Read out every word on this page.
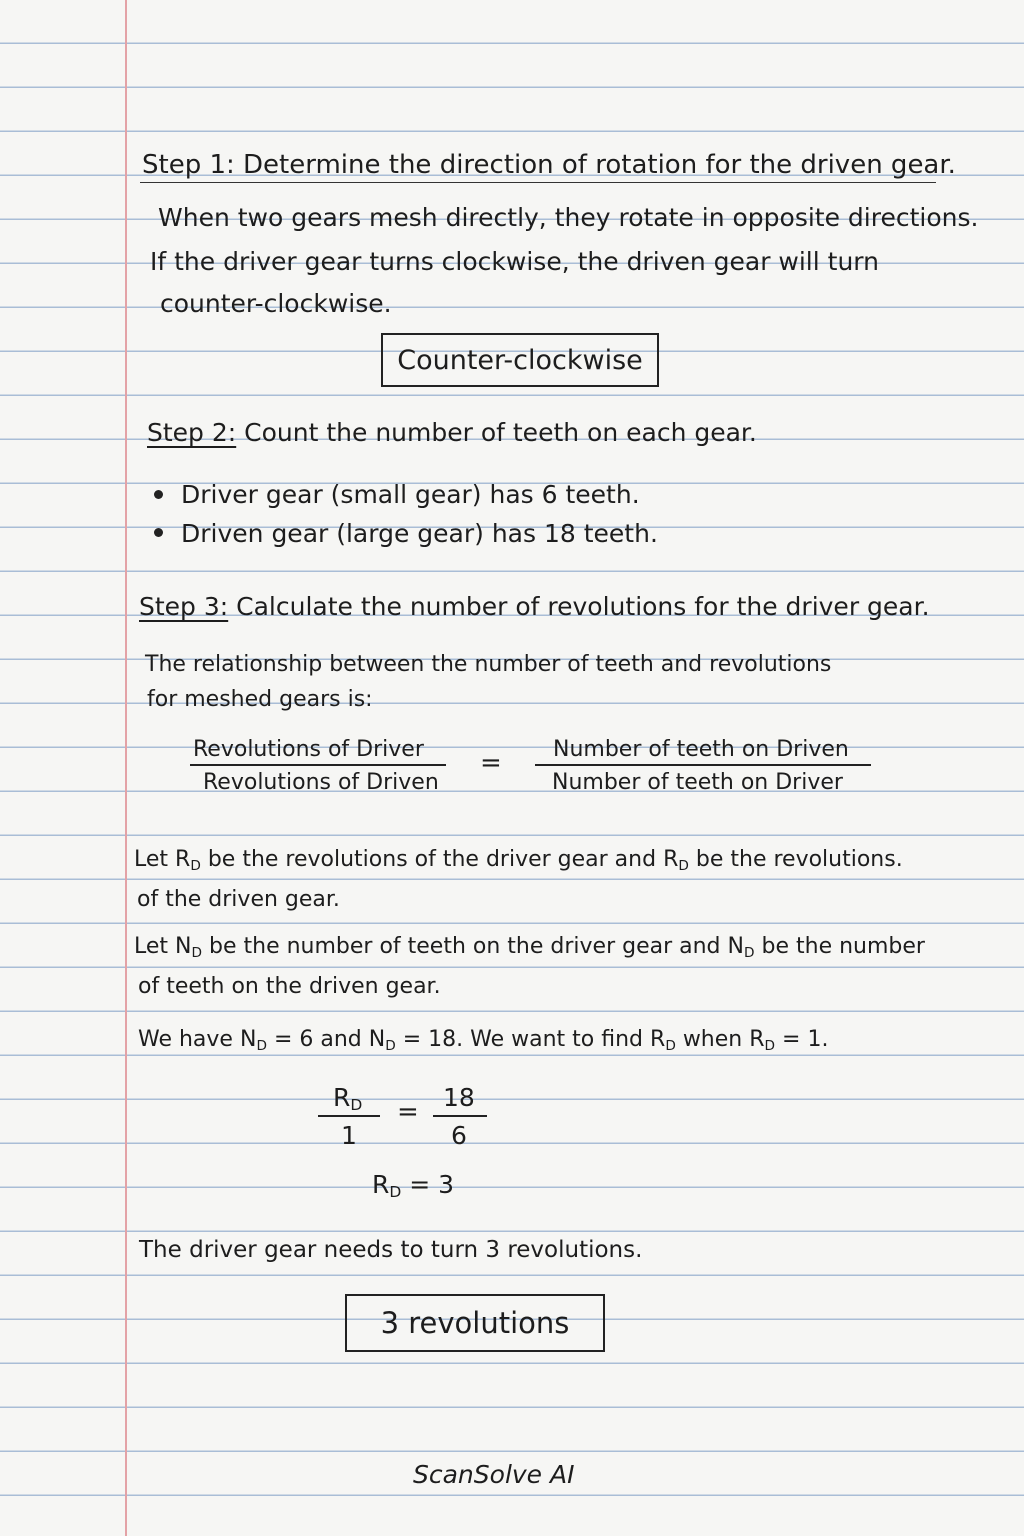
Step 1: Determine the direction of rotation for the driven gear.
When two gears mesh directly, they rotate in opposite directions.
If the driver gear turns clockwise, the driven gear will turn
counter-clockwise.
Counter-clockwise
Step 2: Count the number of teeth on each gear.
Driver gear (small gear) has 6 teeth.
Driven gear (large gear) has 18 teeth.
Step 3: Calculate the number of revolutions for the driver gear.
The relationship between the number of teeth and revolutions
for meshed gears is:
Revolutions of Driver
Revolutions of Driven
= Number of teeth on Driven
Number of teeth on Driver
Let $R_D$ be the revolutions of the driver gear and $R_D$ be the revolutions.
of the driven gear.
Let $N_D$ be the number of teeth on the driver gear and $N_D$ be the number
of teeth on the driven gear.
We have $N_D = 6$ and $N_D = 18$. We want to find $R_D$ when $R_D = 1$.
$R_D$
1
= 18
6
$R_D = 3$
The driver gear needs to turn 3 revolutions.
3 revolutions
ScanSolve AI
